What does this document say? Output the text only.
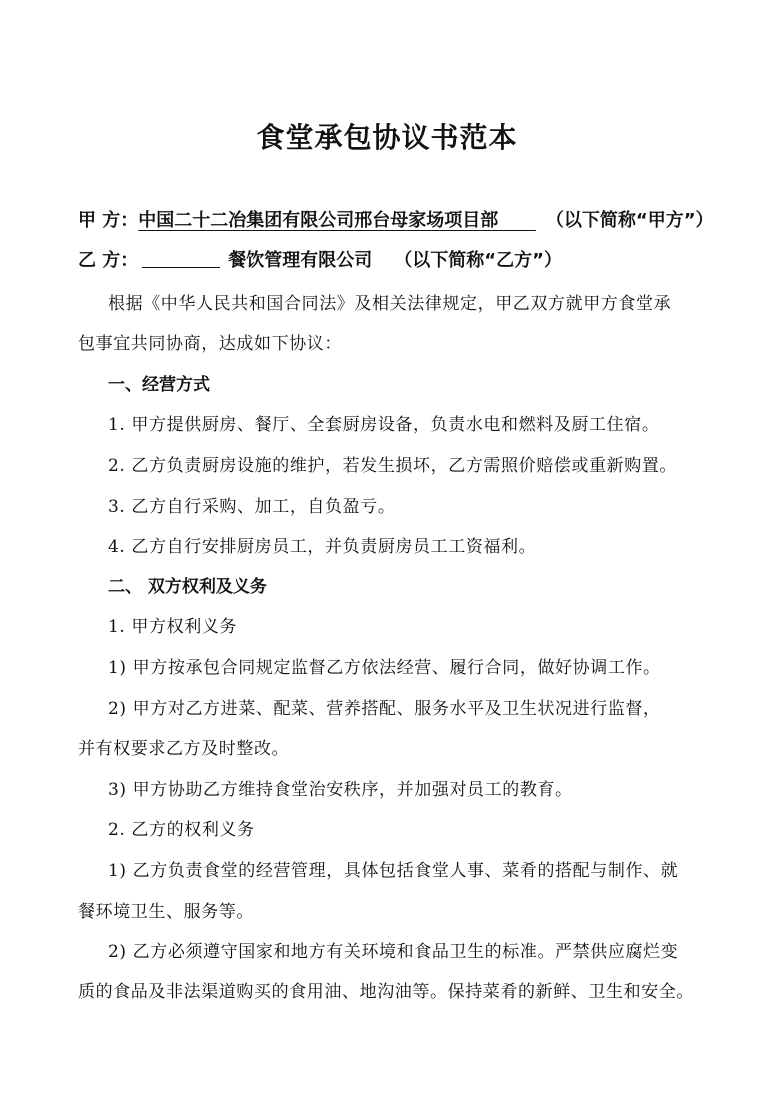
食堂承包协议书范本
甲 方：中国二十二冶集团有限公司邢台母家场项目部	（以下简称“甲方”）
乙 方：	餐饮管理有限公司 （以下简称“乙方”）
根据《中华人民共和国合同法》及相关法律规定，甲乙双方就甲方食堂承
包事宜共同协商，达成如下协议：
一、经营方式
1. 甲方提供厨房、餐厅、全套厨房设备，负责水电和燃料及厨工住宿。
2. 乙方负责厨房设施的维护，若发生损坏，乙方需照价赔偿或重新购置。
3. 乙方自行采购、加工，自负盈亏。
4. 乙方自行安排厨房员工，并负责厨房员工工资福利。
二、 双方权利及义务
1. 甲方权利义务
1) 甲方按承包合同规定监督乙方依法经营、履行合同，做好协调工作。
2) 甲方对乙方进菜、配菜、营养搭配、服务水平及卫生状况进行监督，
并有权要求乙方及时整改。
3) 甲方协助乙方维持食堂治安秩序，并加强对员工的教育。
2. 乙方的权利义务
1) 乙方负责食堂的经营管理，具体包括食堂人事、菜肴的搭配与制作、就
餐环境卫生、服务等。
2) 乙方必须遵守国家和地方有关环境和食品卫生的标准。严禁供应腐烂变
质的食品及非法渠道购买的食用油、地沟油等。保持菜肴的新鲜、卫生和安全。
